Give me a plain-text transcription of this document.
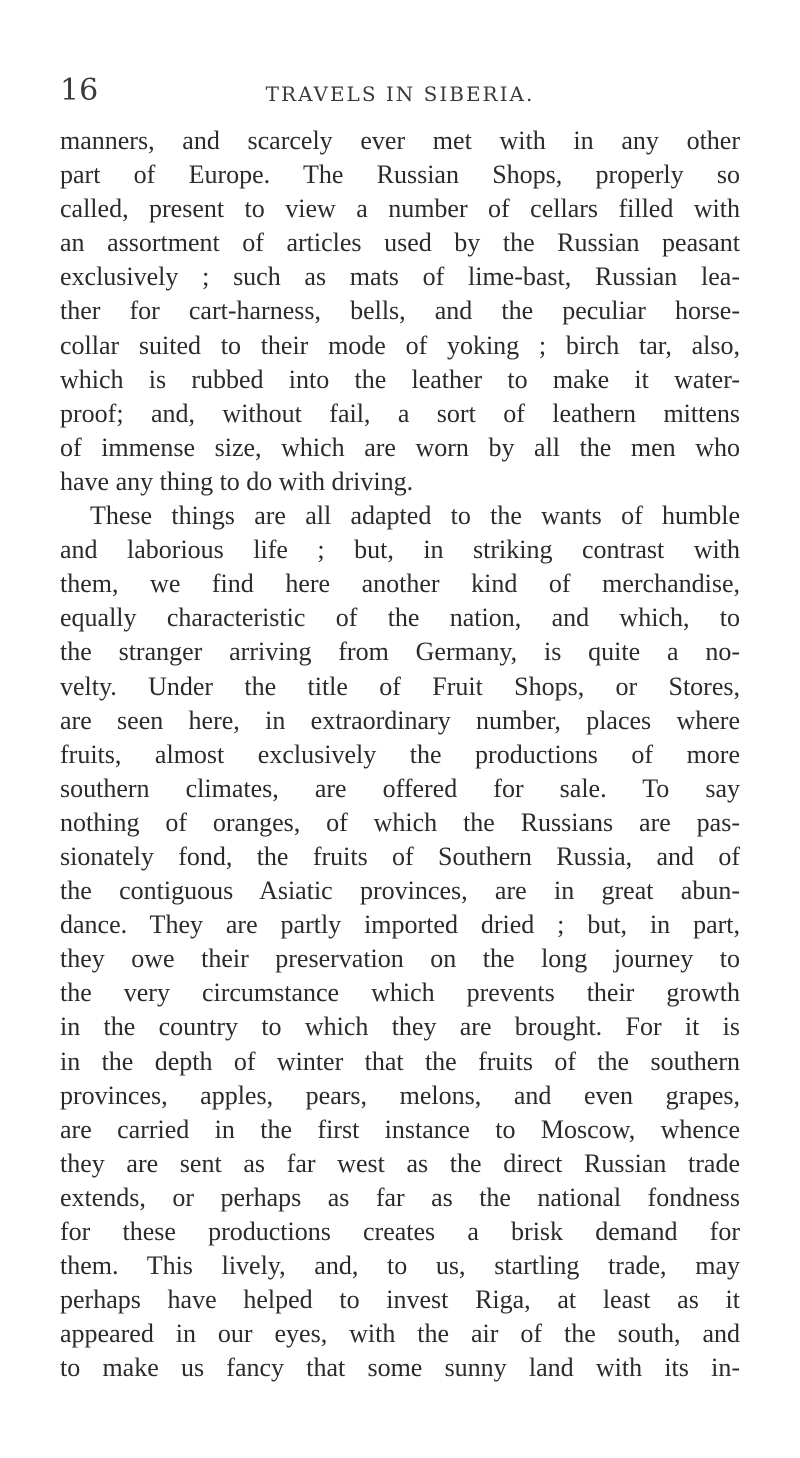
16	TRAVELS IN SIBERIA.
manners, and scarcely ever met with in any other
part of Europe. The Russian Shops, properly so
called, present to view a number of cellars filled with
an assortment of articles used by the Russian peasant
exclusively ; such as mats of lime-bast, Russian lea-
ther for cart-harness, bells, and the peculiar horse-
collar suited to their mode of yoking ; birch tar, also,
which is rubbed into the leather to make it water-
proof; and, without fail, a sort of leathern mittens
of immense size, which are worn by all the men who
have any thing to do with driving.
These things are all adapted to the wants of humble
and laborious life ; but, in striking contrast with
them, we find here another kind of merchandise,
equally characteristic of the nation, and which, to
the stranger arriving from Germany, is quite a no-
velty. Under the title of Fruit Shops, or Stores,
are seen here, in extraordinary number, places where
fruits, almost exclusively the productions of more
southern climates, are offered for sale. To say
nothing of oranges, of which the Russians are pas-
sionately fond, the fruits of Southern Russia, and of
the contiguous Asiatic provinces, are in great abun-
dance. They are partly imported dried ; but, in part,
they owe their preservation on the long journey to
the very circumstance which prevents their growth
in the country to which they are brought. For it is
in the depth of winter that the fruits of the southern
provinces, apples, pears, melons, and even grapes,
are carried in the first instance to Moscow, whence
they are sent as far west as the direct Russian trade
extends, or perhaps as far as the national fondness
for these productions creates a brisk demand for
them. This lively, and, to us, startling trade, may
perhaps have helped to invest Riga, at least as it
appeared in our eyes, with the air of the south, and
to make us fancy that some sunny land with its in-
